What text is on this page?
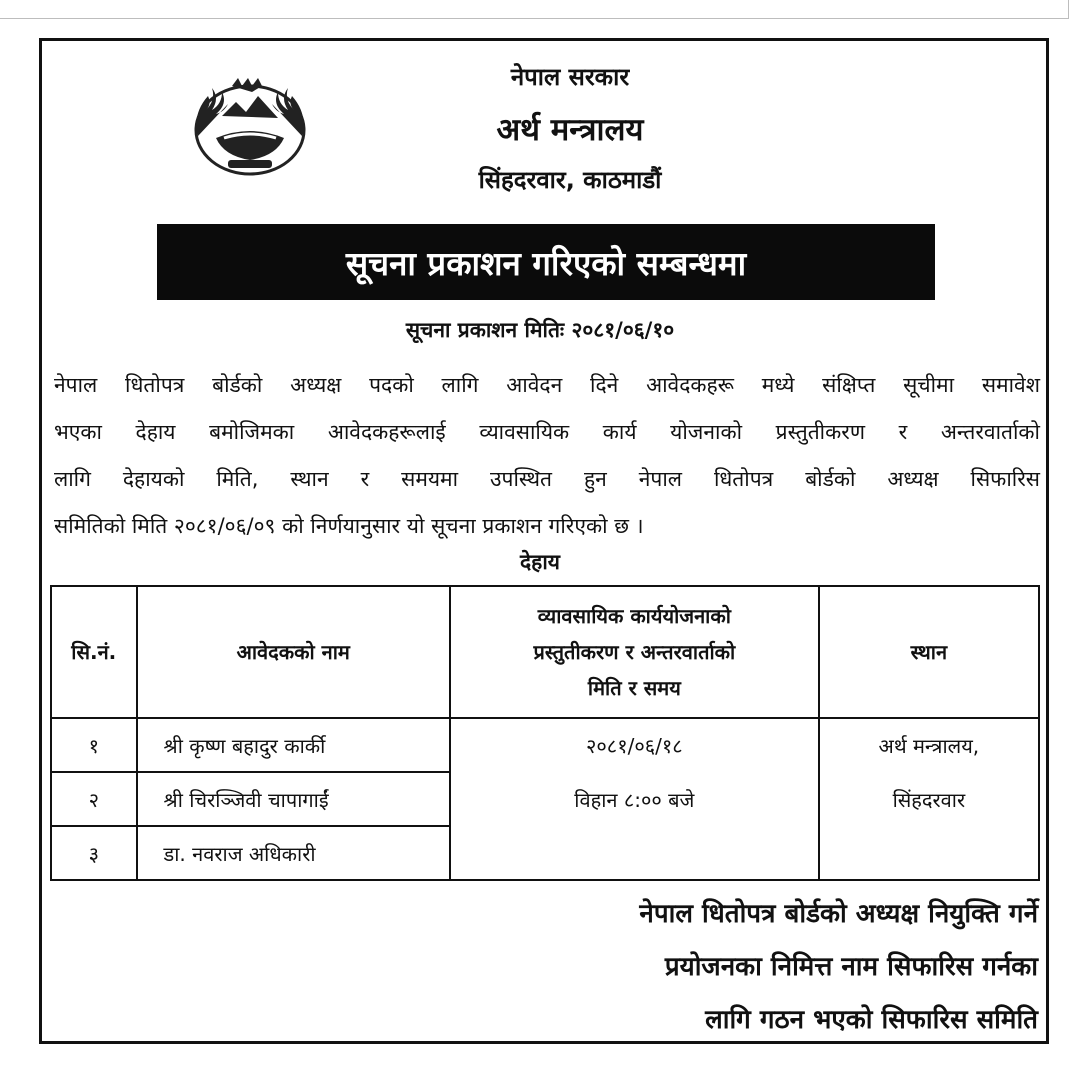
नेपाल सरकार
अर्थ मन्त्रालय
सिंहदरवार, काठमाडौं
सूचना प्रकाशन गरिएको सम्बन्धमा
सूचना प्रकाशन मितिः २०८१/०६/१०
नेपाल धितोपत्र बोर्डको अध्यक्ष पदको लागि आवेदन दिने आवेदकहरू मध्ये संक्षिप्त सूचीमा समावेश
भएका देहाय बमोजिमका आवेदकहरूलाई व्यावसायिक कार्य योजनाको प्रस्तुतीकरण र अन्तरवार्ताको
लागि देहायको मिति, स्थान र समयमा उपस्थित हुन नेपाल धितोपत्र बोर्डको अध्यक्ष सिफारिस
समितिको मिति २०८१/०६/०९ को निर्णयानुसार यो सूचना प्रकाशन गरिएको छ ।
देहाय
सि.नं.	आवेदकको नाम	व्यावसायिक कार्ययोजनाको
प्रस्तुतीकरण र अन्तरवार्ताको
मिति र समय	स्थान
१	श्री कृष्ण बहादुर कार्की	२०८१/०६/१८
विहान ८:०० बजे	अर्थ मन्त्रालय,
सिंहदरवार

२	श्री चिरञ्जिवी चापागाईं		
३	डा. नवराज अधिकारी		
नेपाल धितोपत्र बोर्डको अध्यक्ष नियुक्ति गर्ने
प्रयोजनका निमित्त नाम सिफारिस गर्नका
लागि गठन भएको सिफारिस समिति
